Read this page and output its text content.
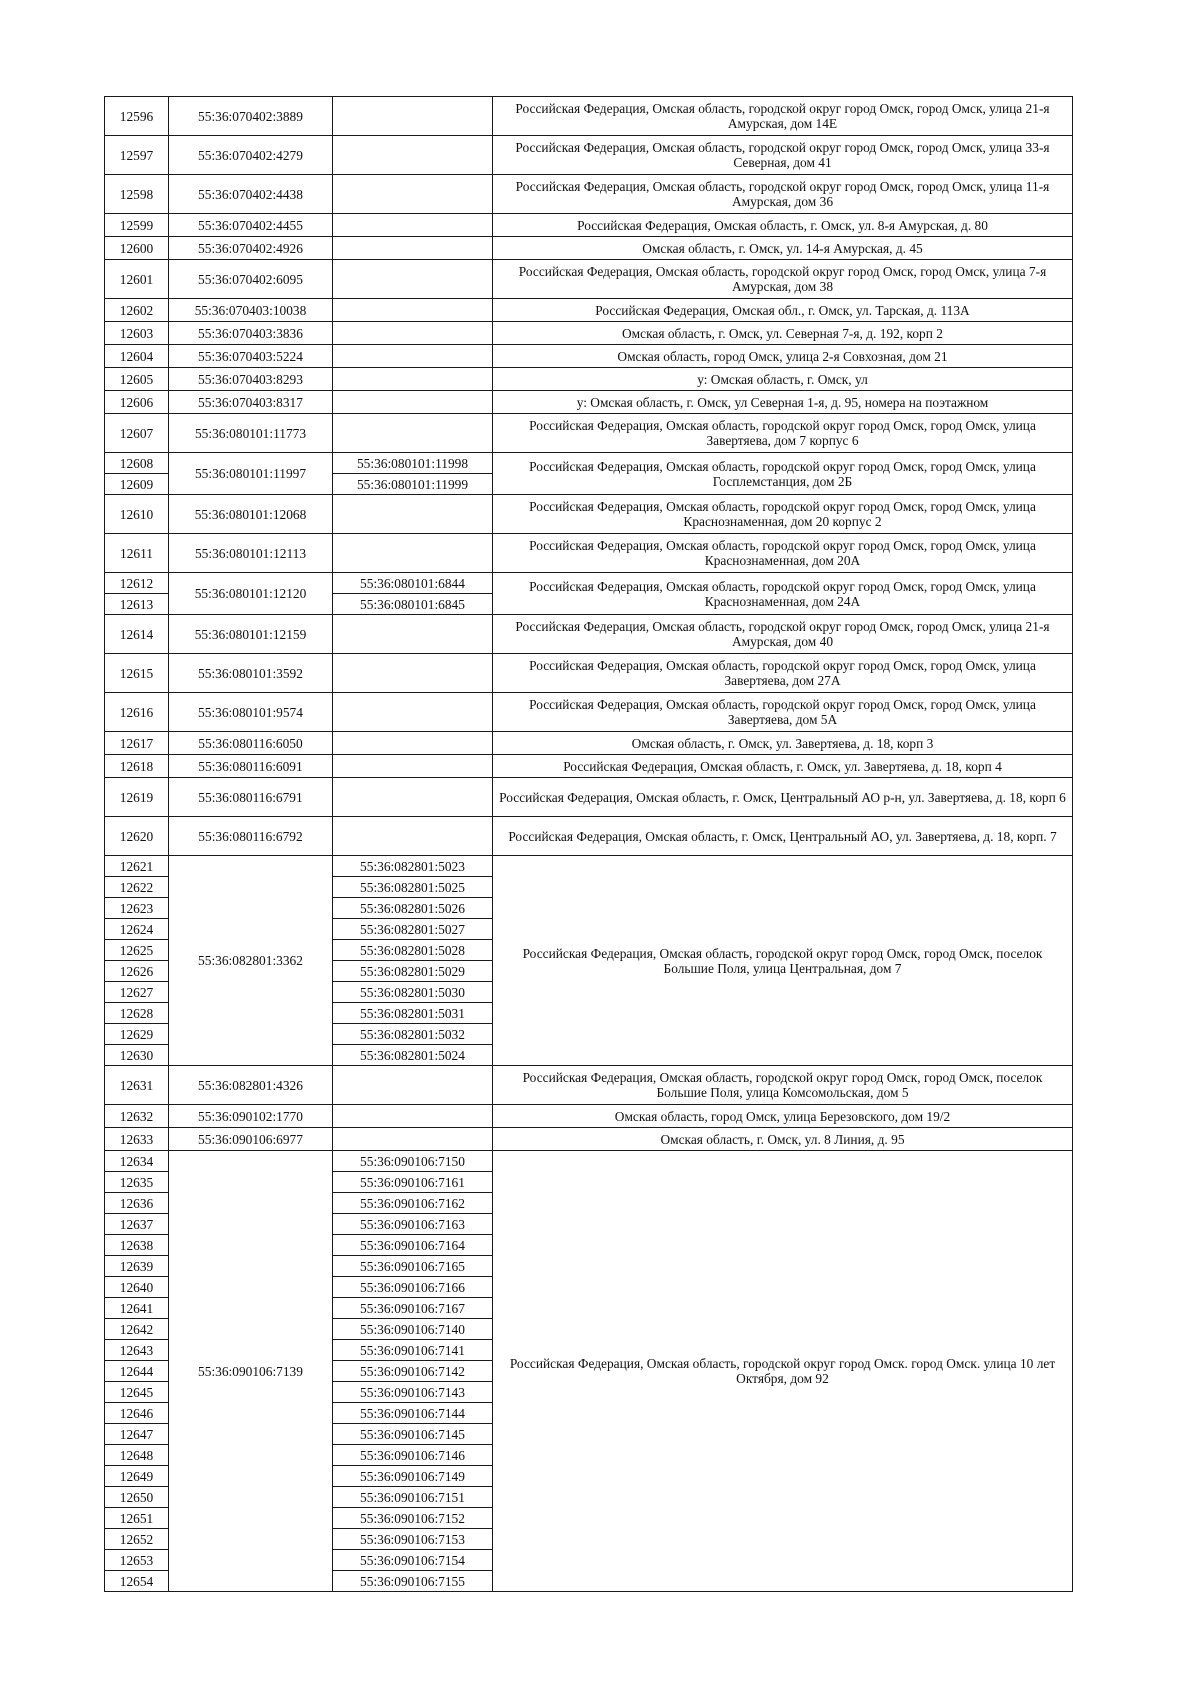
12596	55:36:070402:3889		Российская Федерация, Омская область, городской округ город Омск, город Омск, улица 21-я Амурская, дом 14Е
12597	55:36:070402:4279		Российская Федерация, Омская область, городской округ город Омск, город Омск, улица 33-я Северная, дом 41
12598	55:36:070402:4438		Российская Федерация, Омская область, городской округ город Омск, город Омск, улица 11-я Амурская, дом 36
12599	55:36:070402:4455		Российская Федерация, Омская область, г. Омск, ул. 8-я Амурская, д. 80
12600	55:36:070402:4926		Омская область, г. Омск, ул. 14-я Амурская, д. 45
12601	55:36:070402:6095		Российская Федерация, Омская область, городской округ город Омск, город Омск, улица 7-я Амурская, дом 38
12602	55:36:070403:10038		Российская Федерация, Омская обл., г. Омск, ул. Тарская, д. 113А
12603	55:36:070403:3836		Омская область, г. Омск, ул. Северная 7-я, д. 192, корп 2
12604	55:36:070403:5224		Омская область, город Омск, улица 2-я Совхозная, дом 21
12605	55:36:070403:8293		у: Омская область, г. Омск, ул
12606	55:36:070403:8317		у: Омская область, г. Омск, ул Северная 1-я, д. 95, номера на поэтажном
12607	55:36:080101:11773		Российская Федерация, Омская область, городской округ город Омск, город Омск, улица Завертяева, дом 7 корпус 6
12608	55:36:080101:11997	55:36:080101:11998	Российская Федерация, Омская область, городской округ город Омск, город Омск, улица Госплемстанция, дом 2Б
12609		55:36:080101:11999	
12610	55:36:080101:12068		Российская Федерация, Омская область, городской округ город Омск, город Омск, улица Краснознаменная, дом 20 корпус 2
12611	55:36:080101:12113		Российская Федерация, Омская область, городской округ город Омск, город Омск, улица Краснознаменная, дом 20А
12612	55:36:080101:12120	55:36:080101:6844	Российская Федерация, Омская область, городской округ город Омск, город Омск, улица Краснознаменная, дом 24А
12613		55:36:080101:6845	
12614	55:36:080101:12159		Российская Федерация, Омская область, городской округ город Омск, город Омск, улица 21-я Амурская, дом 40
12615	55:36:080101:3592		Российская Федерация, Омская область, городской округ город Омск, город Омск, улица Завертяева, дом 27А
12616	55:36:080101:9574		Российская Федерация, Омская область, городской округ город Омск, город Омск, улица Завертяева, дом 5А
12617	55:36:080116:6050		Омская область, г. Омск, ул. Завертяева, д. 18, корп 3
12618	55:36:080116:6091		Российская Федерация, Омская область, г. Омск, ул. Завертяева, д. 18, корп 4
12619	55:36:080116:6791		Российская Федерация, Омская область, г. Омск, Центральный АО р-н, ул. Завертяева, д. 18, корп 6
12620	55:36:080116:6792		Российская Федерация, Омская область, г. Омск, Центральный АО, ул. Завертяева, д. 18, корп. 7
12621	55:36:082801:3362	55:36:082801:5023	Российская Федерация, Омская область, городской округ город Омск, город Омск, поселок Большие Поля, улица Центральная, дом 7
12622		55:36:082801:5025	
12623		55:36:082801:5026	
12624		55:36:082801:5027	
12625		55:36:082801:5028	
12626		55:36:082801:5029	
12627		55:36:082801:5030	
12628		55:36:082801:5031	
12629		55:36:082801:5032	
12630		55:36:082801:5024	
12631	55:36:082801:4326		Российская Федерация, Омская область, городской округ город Омск, город Омск, поселок Большие Поля, улица Комсомольская, дом 5
12632	55:36:090102:1770		Омская область, город Омск, улица Березовского, дом 19/2
12633	55:36:090106:6977		Омская область, г. Омск, ул. 8 Линия, д. 95
12634	55:36:090106:7139	55:36:090106:7150	Российская Федерация, Омская область, городской округ город Омск. город Омск. улица 10 лет Октября, дом 92
12635		55:36:090106:7161	
12636		55:36:090106:7162	
12637		55:36:090106:7163	
12638		55:36:090106:7164	
12639		55:36:090106:7165	
12640		55:36:090106:7166	
12641		55:36:090106:7167	
12642		55:36:090106:7140	
12643		55:36:090106:7141	
12644		55:36:090106:7142	
12645		55:36:090106:7143	
12646		55:36:090106:7144	
12647		55:36:090106:7145	
12648		55:36:090106:7146	
12649		55:36:090106:7149	
12650		55:36:090106:7151	
12651		55:36:090106:7152	
12652		55:36:090106:7153	
12653		55:36:090106:7154	
12654		55:36:090106:7155	
